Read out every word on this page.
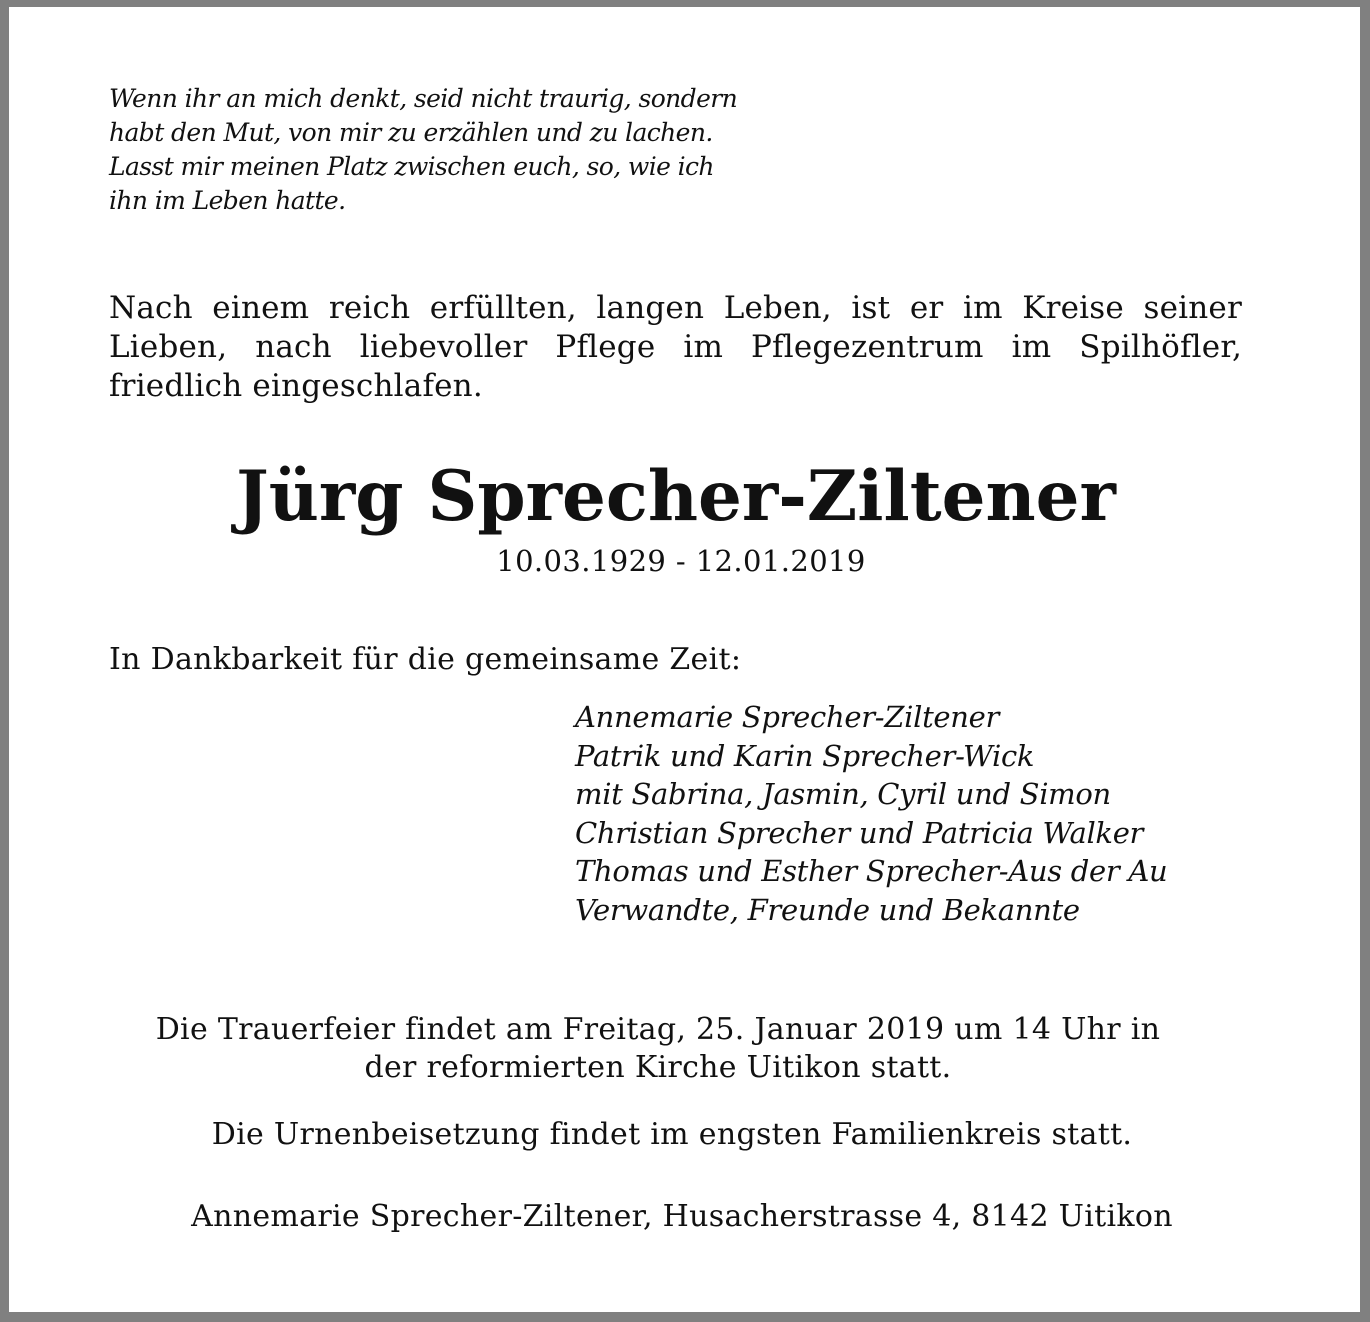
Wenn ihr an mich denkt, seid nicht traurig, sondern
habt den Mut, von mir zu erzählen und zu lachen.
Lasst mir meinen Platz zwischen euch, so, wie ich
ihn im Leben hatte.

Nach einem reich erfüllten, langen Leben, ist er im Kreise seiner
Lieben, nach liebevoller Pflege im Pflegezentrum im Spilhöfler,
friedlich eingeschlafen.

Jürg Sprecher-Ziltener

10.03.1929 - 12.01.2019

In Dankbarkeit für die gemeinsame Zeit:

Annemarie Sprecher-Ziltener
Patrik und Karin Sprecher-Wick
mit Sabrina, Jasmin, Cyril und Simon
Christian Sprecher und Patricia Walker
Thomas und Esther Sprecher-Aus der Au
Verwandte, Freunde und Bekannte

Die Trauerfeier findet am Freitag, 25. Januar 2019 um 14 Uhr in
der reformierten Kirche Uitikon statt.

Die Urnenbeisetzung findet im engsten Familienkreis statt.

Annemarie Sprecher-Ziltener, Husacherstrasse 4, 8142 Uitikon
